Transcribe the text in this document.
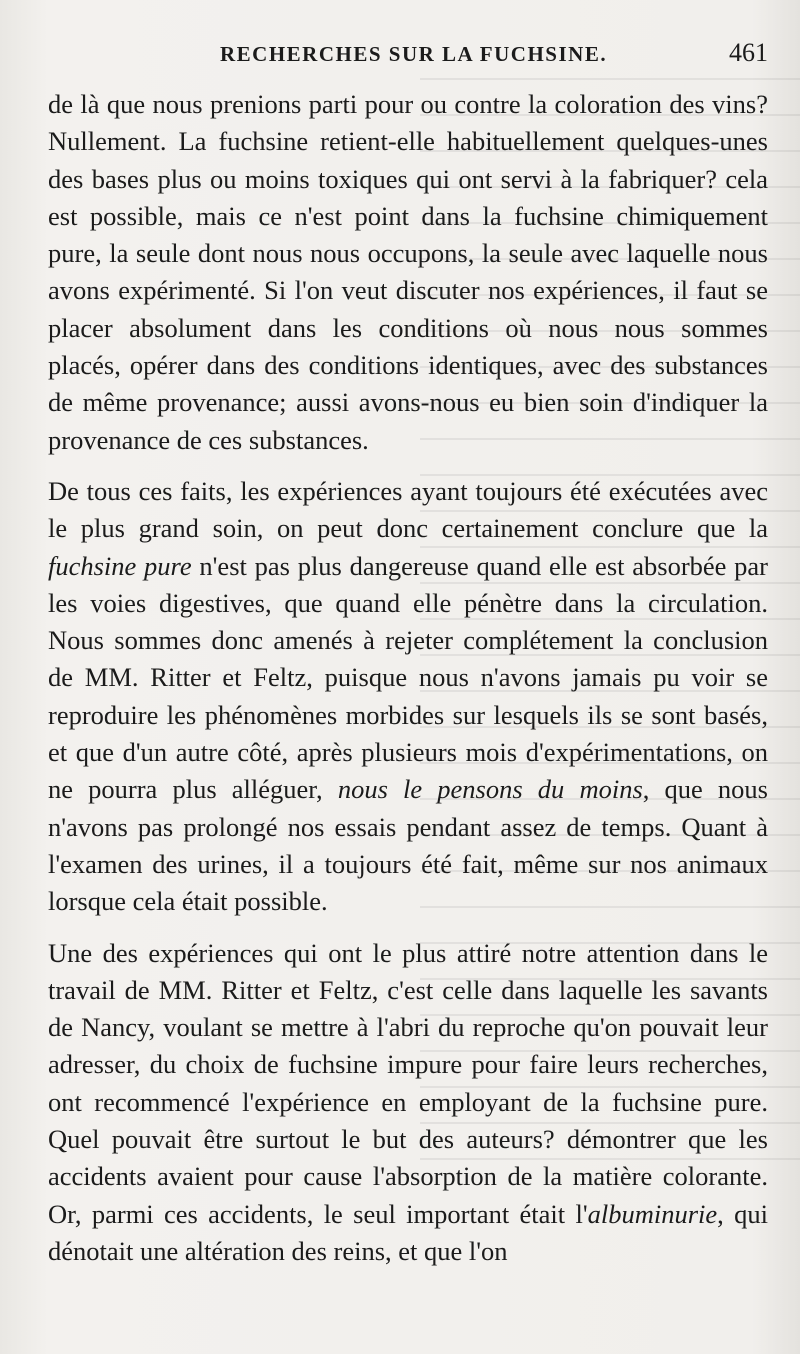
RECHERCHES SUR LA FUCHSINE.	461

de là que nous prenions parti pour ou contre la coloration des vins? Nullement. La fuchsine retient-elle habituellement quelques-unes des bases plus ou moins toxiques qui ont servi à la fabriquer? cela est possible, mais ce n'est point dans la fuchsine chimiquement pure, la seule dont nous nous occupons, la seule avec laquelle nous avons expérimenté. Si l'on veut discuter nos expériences, il faut se placer absolument dans les conditions où nous nous sommes placés, opérer dans des conditions identiques, avec des substances de même provenance; aussi avons-nous eu bien soin d'indiquer la provenance de ces substances.

De tous ces faits, les expériences ayant toujours été exécutées avec le plus grand soin, on peut donc certainement conclure que la fuchsine pure n'est pas plus dangereuse quand elle est absorbée par les voies digestives, que quand elle pénètre dans la circulation. Nous sommes donc amenés à rejeter complétement la conclusion de MM. Ritter et Feltz, puisque nous n'avons jamais pu voir se reproduire les phénomènes morbides sur lesquels ils se sont basés, et que d'un autre côté, après plusieurs mois d'expérimentations, on ne pourra plus alléguer, nous le pensons du moins, que nous n'avons pas prolongé nos essais pendant assez de temps. Quant à l'examen des urines, il a toujours été fait, même sur nos animaux lorsque cela était possible.

Une des expériences qui ont le plus attiré notre attention dans le travail de MM. Ritter et Feltz, c'est celle dans laquelle les savants de Nancy, voulant se mettre à l'abri du reproche qu'on pouvait leur adresser, du choix de fuchsine impure pour faire leurs recherches, ont recommencé l'expérience en employant de la fuchsine pure. Quel pouvait être surtout le but des auteurs? démontrer que les accidents avaient pour cause l'absorption de la matière colorante. Or, parmi ces accidents, le seul important était l'albuminurie, qui dénotait une altération des reins, et que l'on
